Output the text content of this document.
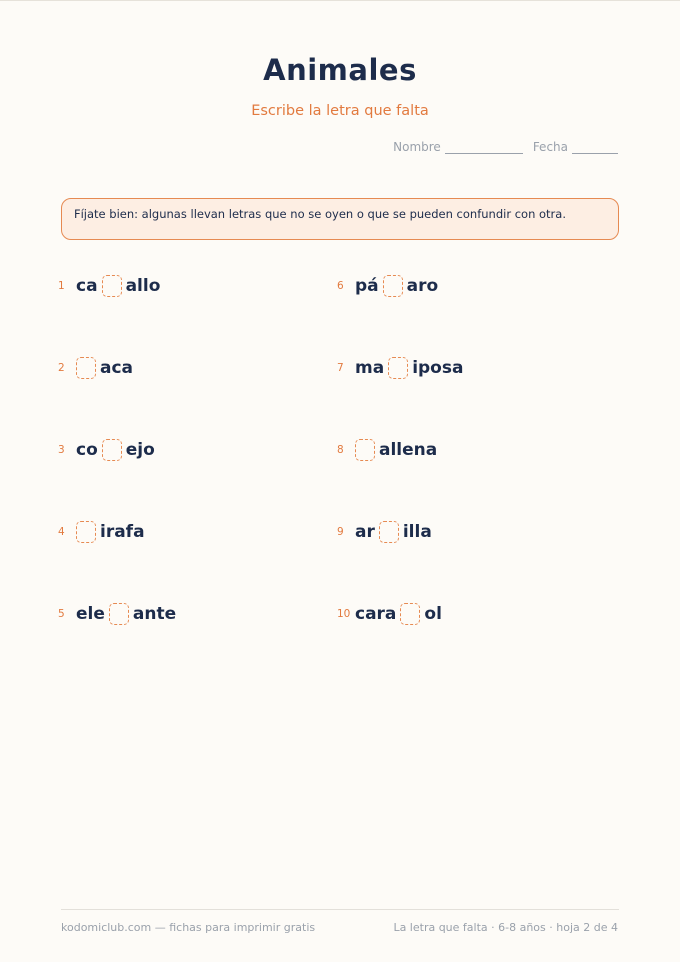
Animales
Escribe la letra que falta
Nombre	Fecha
Fíjate bien: algunas llevan letras que no se oyen o que se pueden confundir con otra.
1 ca allo
2	aca
3 co ejo
4	irafa
5 ele ante
6 pá aro
7 ma iposa
8	allena
9 ar illa
10 cara ol
kodomiclub.com — fichas para imprimir gratis	La letra que falta · 6-8 años · hoja 2 de 4
